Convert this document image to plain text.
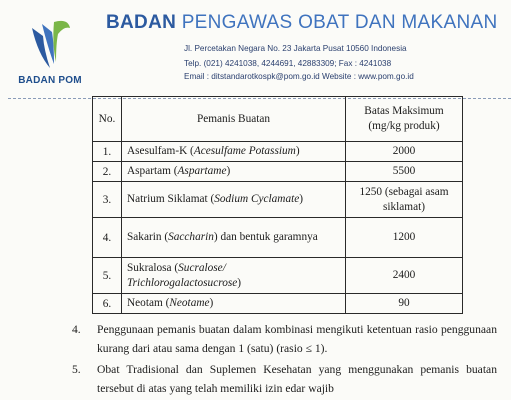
BADAN POM
BADAN PENGAWAS OBAT DAN MAKANAN
Jl. Percetakan Negara No. 23 Jakarta Pusat 10560 Indonesia
Telp. (021) 4241038, 4244691, 42883309; Fax : 4241038
Email : ditstandarotkospk@pom.go.id Website : www.pom.go.id
No.	Pemanis Buatan	Batas Maksimum
(mg/kg produk)
1.	Asesulfam-K (Acesulfame Potassium)	2000
2.	Aspartam (Aspartame)	5500
3.	Natrium Siklamat (Sodium Cyclamate)	1250 (sebagai asam siklamat)
4.	Sakarin (Saccharin) dan bentuk garamnya	1200
5.	Sukralosa (Sucralose/ Trichlorogalactosucrose)	2400
6.	Neotam (Neotame)	90
4. Penggunaan pemanis buatan dalam kombinasi mengikuti ketentuan rasio penggunaan kurang dari atau sama dengan 1 (satu) (rasio ≤ 1).
5. Obat Tradisional dan Suplemen Kesehatan yang menggunakan pemanis buatan tersebut di atas yang telah memiliki izin edar wajib
